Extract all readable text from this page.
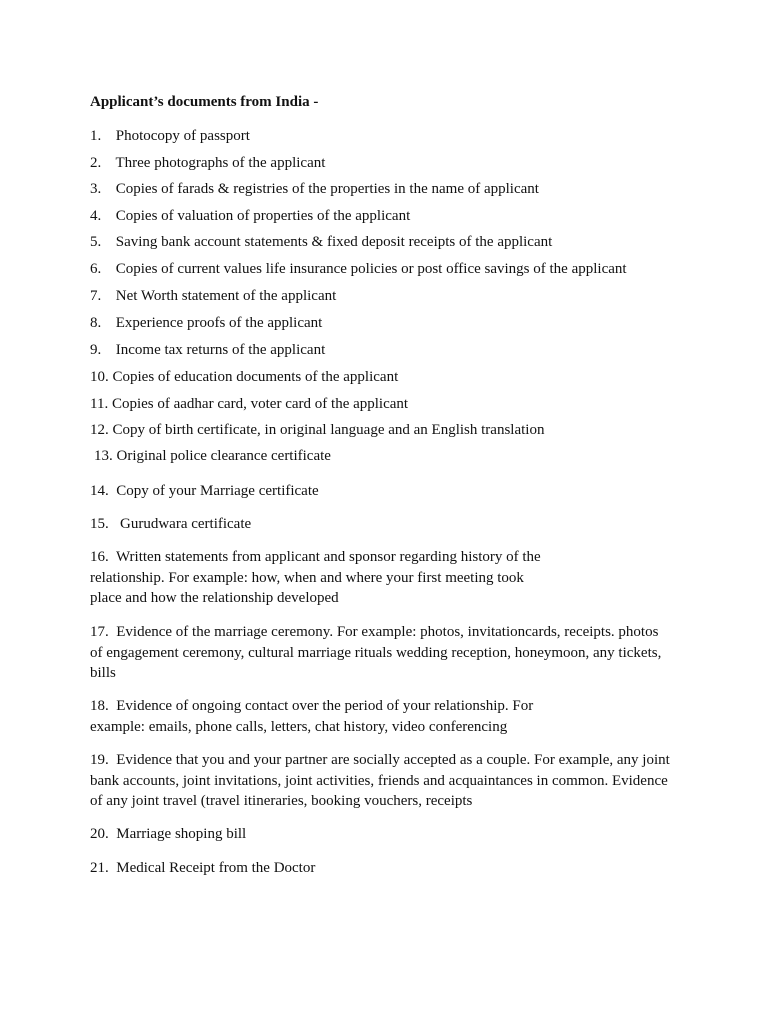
Applicant’s documents from India -
1. Photocopy of passport
2. Three photographs of the applicant
3. Copies of farads & registries of the properties in the name of applicant
4. Copies of valuation of properties of the applicant
5. Saving bank account statements & fixed deposit receipts of the applicant
6. Copies of current values life insurance policies or post office savings of the applicant
7. Net Worth statement of the applicant
8. Experience proofs of the applicant
9. Income tax returns of the applicant
10. Copies of education documents of the applicant
11. Copies of aadhar card, voter card of the applicant
12. Copy of birth certificate, in original language and an English translation
13. Original police clearance certificate
14. Copy of your Marriage certificate
15. Gurudwara certificate
16. Written statements from applicant and sponsor regarding history of the
relationship. For example: how, when and where your first meeting took
place and how the relationship developed
17. Evidence of the marriage ceremony. For example: photos, invitationcards, receipts. photos
of engagement ceremony, cultural marriage rituals wedding reception, honeymoon, any tickets,
bills
18. Evidence of ongoing contact over the period of your relationship. For
example: emails, phone calls, letters, chat history, video conferencing
19. Evidence that you and your partner are socially accepted as a couple. For example, any joint
bank accounts, joint invitations, joint activities, friends and acquaintances in common. Evidence
of any joint travel (travel itineraries, booking vouchers, receipts
20. Marriage shoping bill
21. Medical Receipt from the Doctor
